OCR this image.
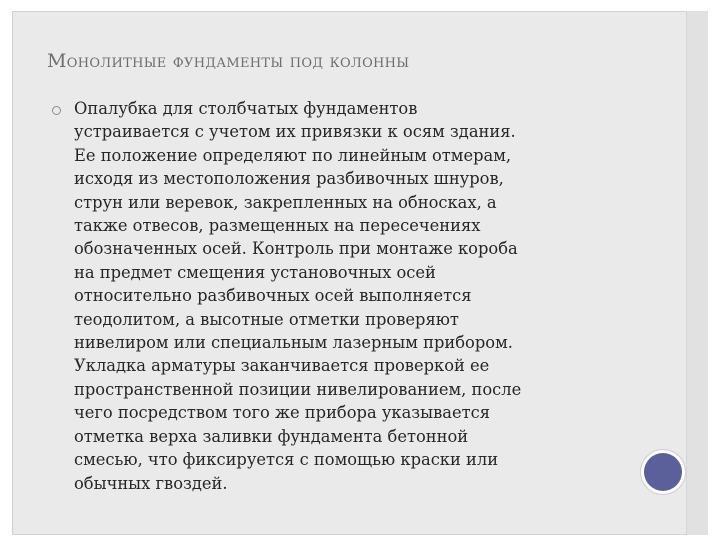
Монолитные фундаменты под колонны
Опалубка для столбчатых фундаментов
устраивается с учетом их привязки к осям здания.
Ее положение определяют по линейным отмерам,
исходя из местоположения разбивочных шнуров,
струн или веревок, закрепленных на обносках, а
также отвесов, размещенных на пересечениях
обозначенных осей. Контроль при монтаже короба
на предмет смещения установочных осей
относительно разбивочных осей выполняется
теодолитом, а высотные отметки проверяют
нивелиром или специальным лазерным прибором.
Укладка арматуры заканчивается проверкой ее
пространственной позиции нивелированием, после
чего посредством того же прибора указывается
отметка верха заливки фундамента бетонной
смесью, что фиксируется с помощью краски или
обычных гвоздей.
